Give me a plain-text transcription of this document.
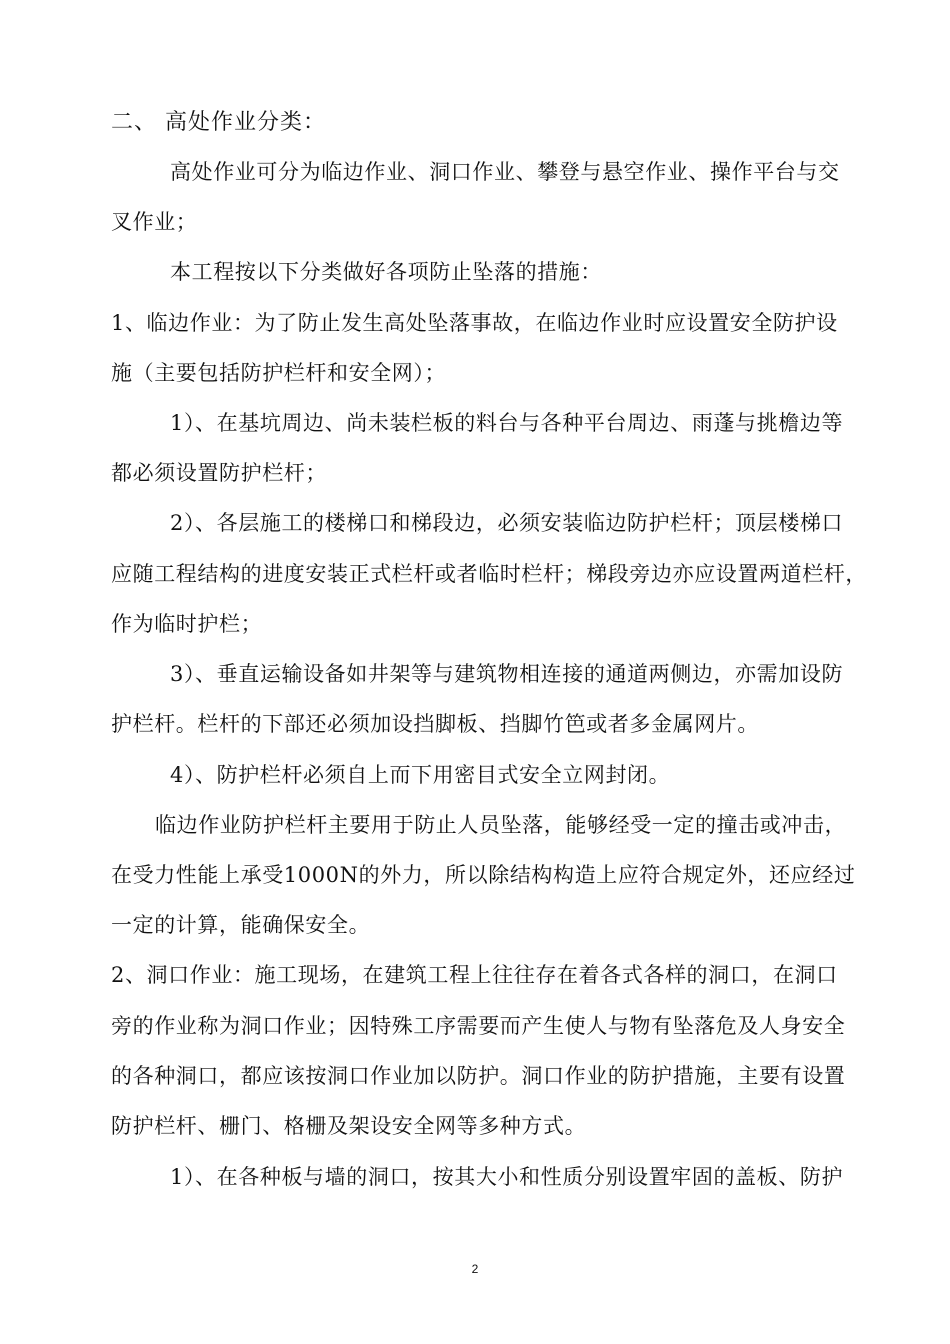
二、 高处作业分类：
高处作业可分为临边作业、洞口作业、攀登与悬空作业、操作平台与交
叉作业；
本工程按以下分类做好各项防止坠落的措施：
1、临边作业：为了防止发生高处坠落事故，在临边作业时应设置安全防护设
施（主要包括防护栏杆和安全网）；
1）、在基坑周边、尚未装栏板的料台与各种平台周边、雨蓬与挑檐边等
都必须设置防护栏杆；
2）、各层施工的楼梯口和梯段边，必须安装临边防护栏杆；顶层楼梯口
应随工程结构的进度安装正式栏杆或者临时栏杆；梯段旁边亦应设置两道栏杆，
作为临时护栏；
3）、垂直运输设备如井架等与建筑物相连接的通道两侧边，亦需加设防
护栏杆。栏杆的下部还必须加设挡脚板、挡脚竹笆或者多金属网片。
4）、防护栏杆必须自上而下用密目式安全立网封闭。
临边作业防护栏杆主要用于防止人员坠落，能够经受一定的撞击或冲击，
在受力性能上承受1000N的外力，所以除结构构造上应符合规定外，还应经过
一定的计算，能确保安全。
2、洞口作业：施工现场，在建筑工程上往往存在着各式各样的洞口，在洞口
旁的作业称为洞口作业；因特殊工序需要而产生使人与物有坠落危及人身安全
的各种洞口，都应该按洞口作业加以防护。洞口作业的防护措施，主要有设置
防护栏杆、栅门、格栅及架设安全网等多种方式。
1）、在各种板与墙的洞口，按其大小和性质分别设置牢固的盖板、防护
2
